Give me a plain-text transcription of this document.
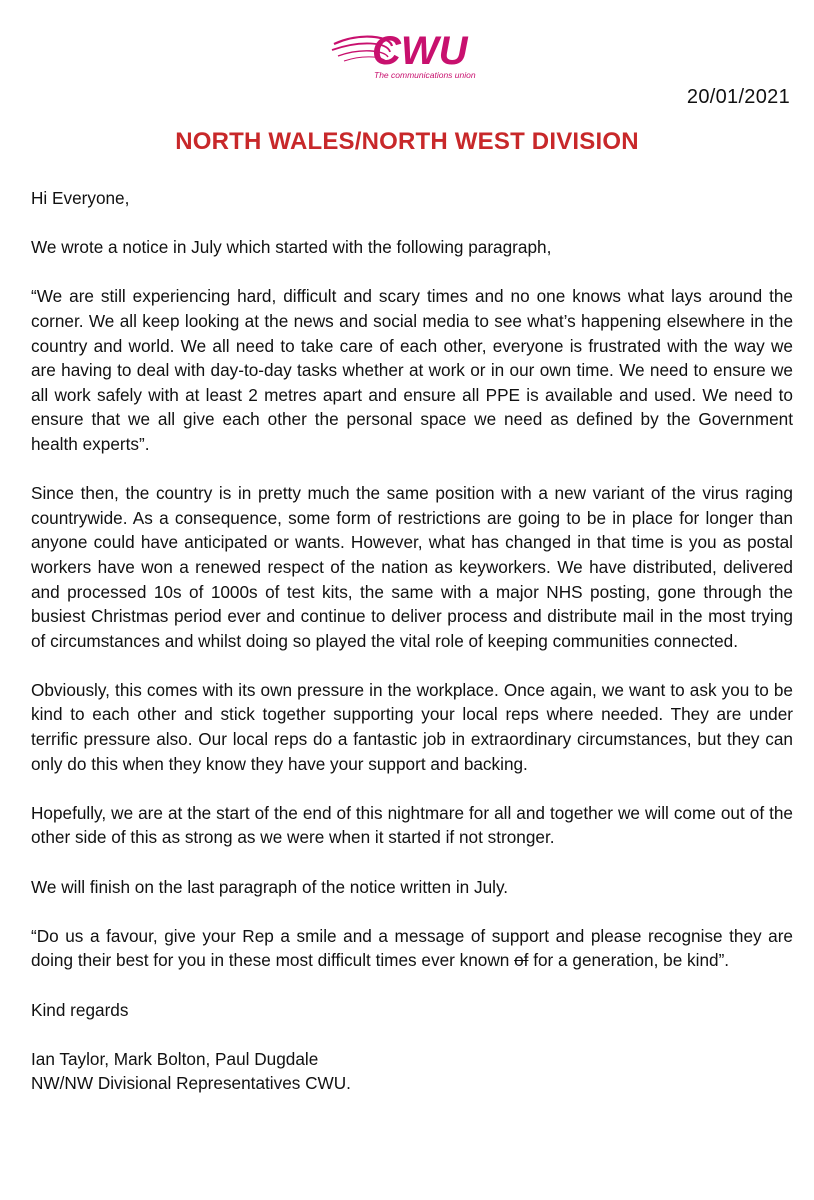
CWU
The communications union
20/01/2021
NORTH WALES/NORTH WEST DIVISION

Hi Everyone,

We wrote a notice in July which started with the following paragraph,

“We are still experiencing hard, difficult and scary times and no one knows what lays around the corner. We all keep looking at the news and social media to see what’s happening elsewhere in the country and world. We all need to take care of each other, everyone is frustrated with the way we are having to deal with day-to-day tasks whether at work or in our own time. We need to ensure we all work safely with at least 2 metres apart and ensure all PPE is available and used. We need to ensure that we all give each other the personal space we need as defined by the Government health experts”.

Since then, the country is in pretty much the same position with a new variant of the virus raging countrywide. As a consequence, some form of restrictions are going to be in place for longer than anyone could have anticipated or wants. However, what has changed in that time is you as postal workers have won a renewed respect of the nation as keyworkers. We have distributed, delivered and processed 10s of 1000s of test kits, the same with a major NHS posting, gone through the busiest Christmas period ever and continue to deliver process and distribute mail in the most trying of circumstances and whilst doing so played the vital role of keeping communities connected.

Obviously, this comes with its own pressure in the workplace. Once again, we want to ask you to be kind to each other and stick together supporting your local reps where needed. They are under terrific pressure also. Our local reps do a fantastic job in extraordinary circumstances, but they can only do this when they know they have your support and backing.

Hopefully, we are at the start of the end of this nightmare for all and together we will come out of the other side of this as strong as we were when it started if not stronger.

We will finish on the last paragraph of the notice written in July.

“Do us a favour, give your Rep a smile and a message of support and please recognise they are doing their best for you in these most difficult times ever known of for a generation, be kind”.

Kind regards

Ian Taylor, Mark Bolton, Paul Dugdale
NW/NW Divisional Representatives CWU.
